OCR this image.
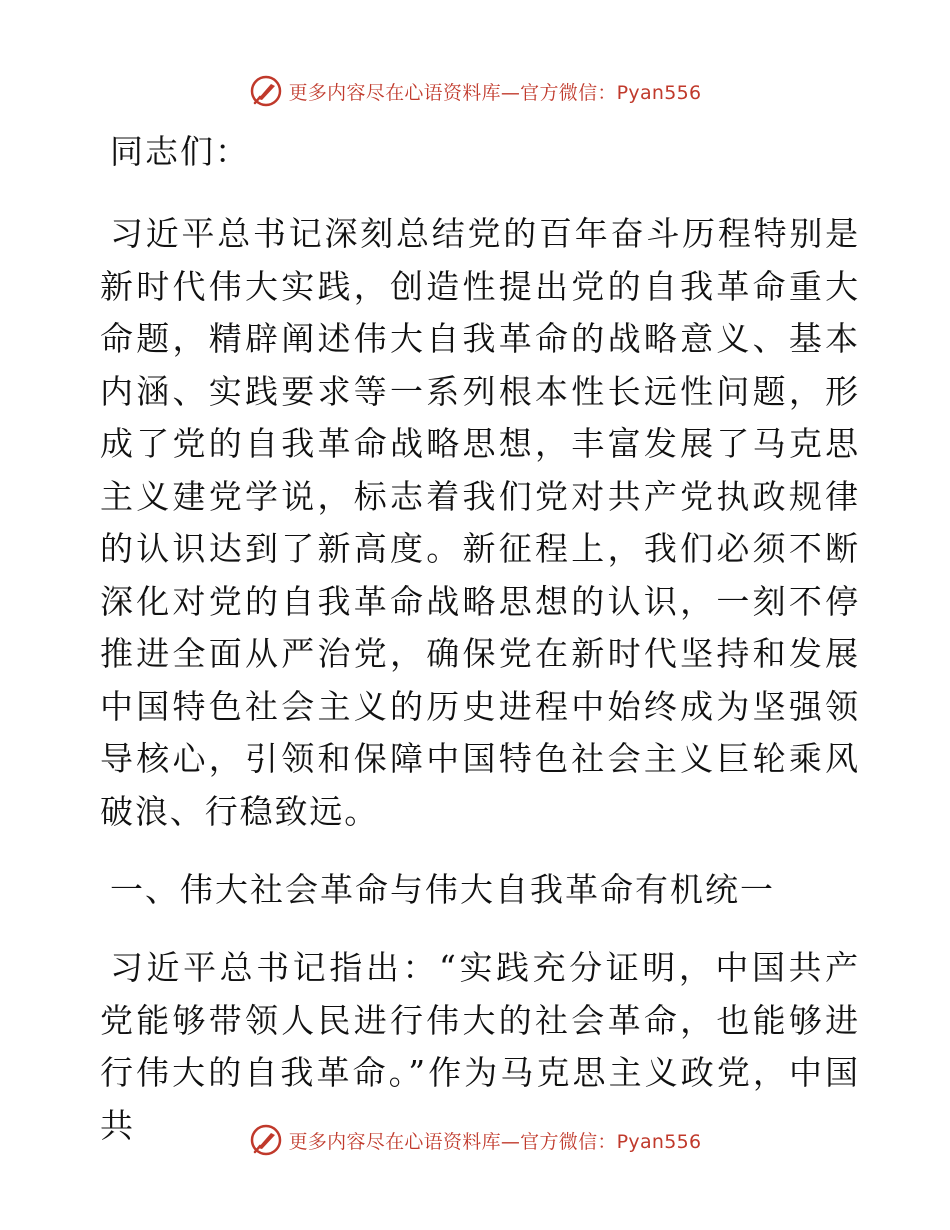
更多内容尽在心语资料库—官方微信：Pyan556

同志们：

习近平总书记深刻总结党的百年奋斗历程特别是新时代伟大实践，创造性提出党的自我革命重大命题，精辟阐述伟大自我革命的战略意义、基本内涵、实践要求等一系列根本性长远性问题，形成了党的自我革命战略思想，丰富发展了马克思主义建党学说，标志着我们党对共产党执政规律的认识达到了新高度。新征程上，我们必须不断深化对党的自我革命战略思想的认识，一刻不停推进全面从严治党，确保党在新时代坚持和发展中国特色社会主义的历史进程中始终成为坚强领导核心，引领和保障中国特色社会主义巨轮乘风破浪、行稳致远。

一、伟大社会革命与伟大自我革命有机统一

习近平总书记指出：“实践充分证明，中国共产党能够带领人民进行伟大的社会革命，也能够进行伟大的自我革命。”作为马克思主义政党，中国共	更多内容尽在心语资料库—官方微信：Pyan556
